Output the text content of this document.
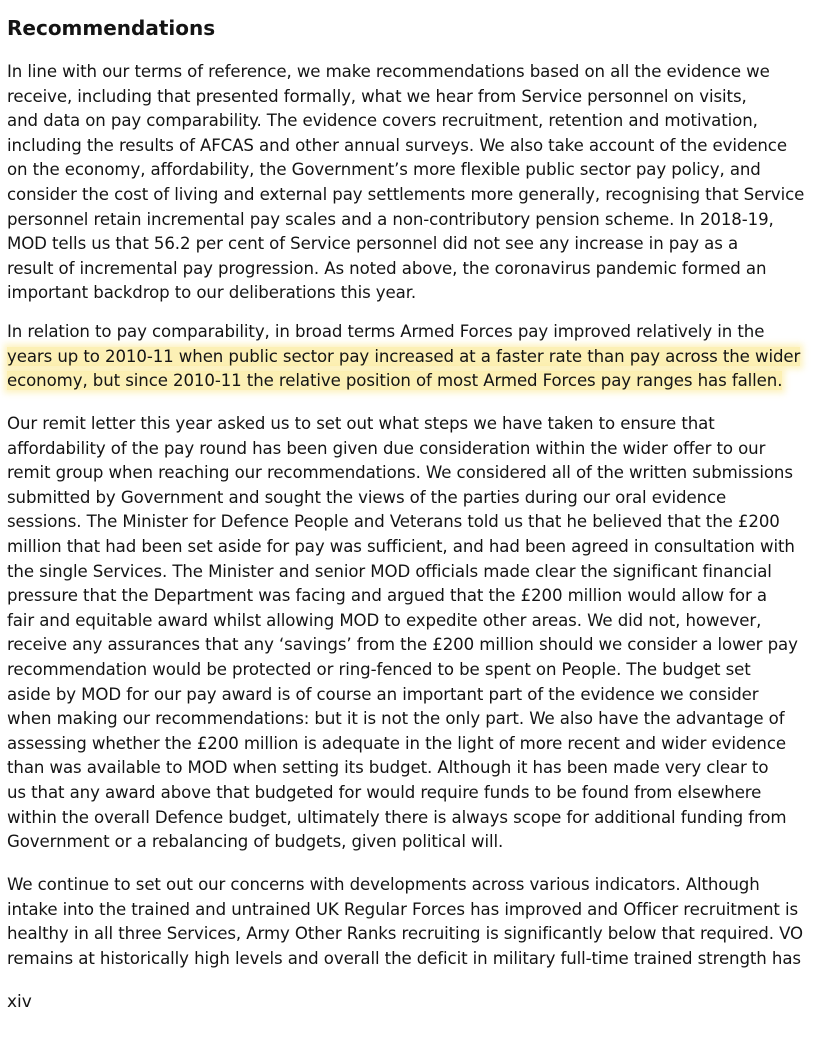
Recommendations

In line with our terms of reference, we make recommendations based on all the evidence we
receive, including that presented formally, what we hear from Service personnel on visits,
and data on pay comparability. The evidence covers recruitment, retention and motivation,
including the results of AFCAS and other annual surveys. We also take account of the evidence
on the economy, affordability, the Government’s more flexible public sector pay policy, and
consider the cost of living and external pay settlements more generally, recognising that Service
personnel retain incremental pay scales and a non-contributory pension scheme. In 2018-19,
MOD tells us that 56.2 per cent of Service personnel did not see any increase in pay as a
result of incremental pay progression. As noted above, the coronavirus pandemic formed an
important backdrop to our deliberations this year.

In relation to pay comparability, in broad terms Armed Forces pay improved relatively in the
years up to 2010-11 when public sector pay increased at a faster rate than pay across the wider
economy, but since 2010-11 the relative position of most Armed Forces pay ranges has fallen.

Our remit letter this year asked us to set out what steps we have taken to ensure that
affordability of the pay round has been given due consideration within the wider offer to our
remit group when reaching our recommendations. We considered all of the written submissions
submitted by Government and sought the views of the parties during our oral evidence
sessions. The Minister for Defence People and Veterans told us that he believed that the £200
million that had been set aside for pay was sufficient, and had been agreed in consultation with
the single Services. The Minister and senior MOD officials made clear the significant financial
pressure that the Department was facing and argued that the £200 million would allow for a
fair and equitable award whilst allowing MOD to expedite other areas. We did not, however,
receive any assurances that any ‘savings’ from the £200 million should we consider a lower pay
recommendation would be protected or ring-fenced to be spent on People. The budget set
aside by MOD for our pay award is of course an important part of the evidence we consider
when making our recommendations: but it is not the only part. We also have the advantage of
assessing whether the £200 million is adequate in the light of more recent and wider evidence
than was available to MOD when setting its budget. Although it has been made very clear to
us that any award above that budgeted for would require funds to be found from elsewhere
within the overall Defence budget, ultimately there is always scope for additional funding from
Government or a rebalancing of budgets, given political will.

We continue to set out our concerns with developments across various indicators. Although
intake into the trained and untrained UK Regular Forces has improved and Officer recruitment is
healthy in all three Services, Army Other Ranks recruiting is significantly below that required. VO
remains at historically high levels and overall the deficit in military full-time trained strength has

xiv
